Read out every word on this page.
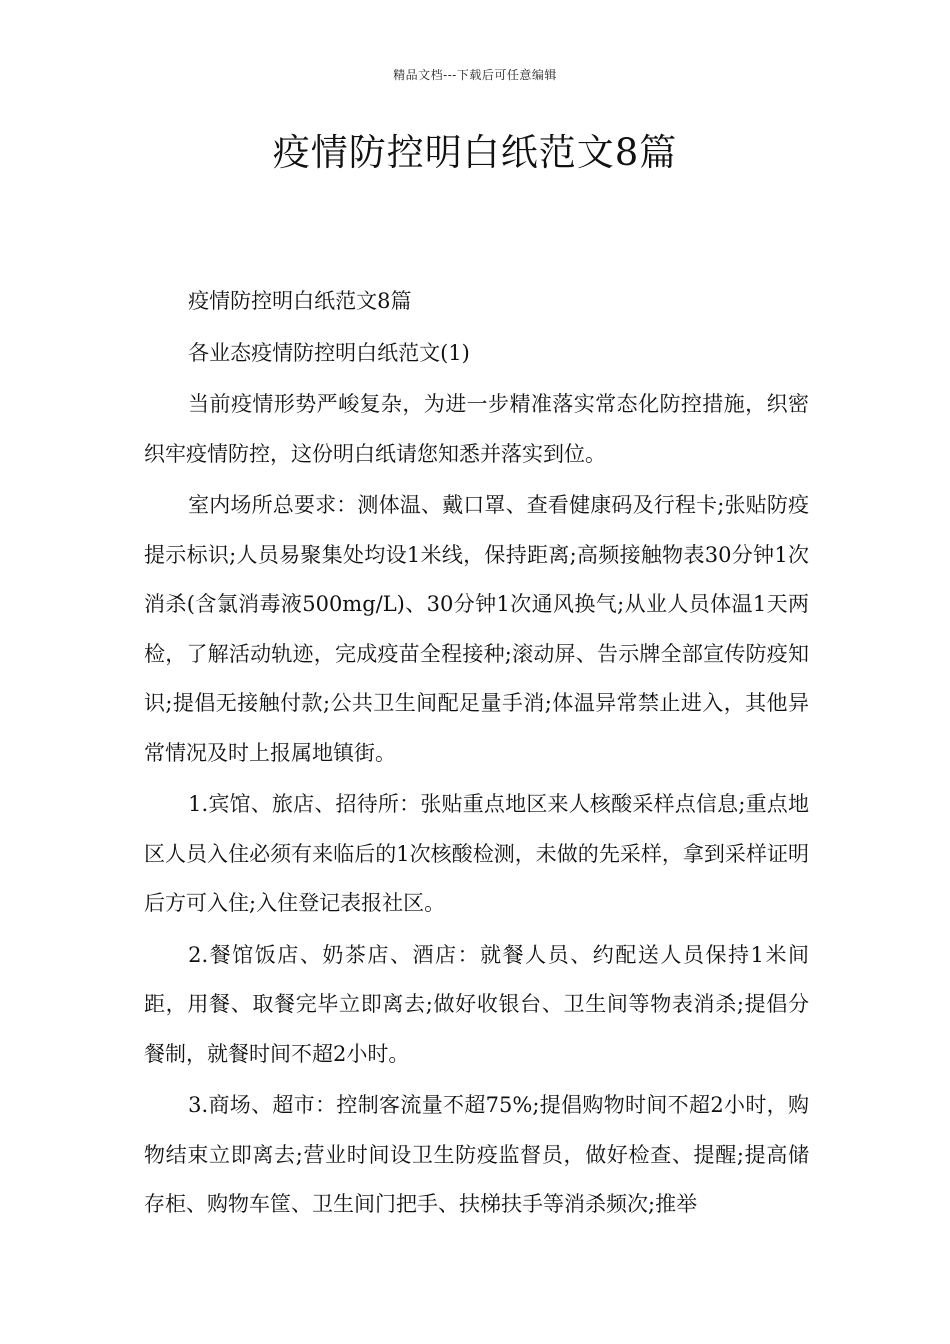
精品文档---下载后可任意编辑
疫情防控明白纸范文8篇

疫情防控明白纸范文8篇

各业态疫情防控明白纸范文(1)

当前疫情形势严峻复杂，为进一步精准落实常态化防控措施，织密织牢疫情防控，这份明白纸请您知悉并落实到位。

室内场所总要求：测体温、戴口罩、查看健康码及行程卡;张贴防疫提示标识;人员易聚集处均设1米线，保持距离;高频接触物表30分钟1次消杀(含氯消毒液500mg/L)、30分钟1次通风换气;从业人员体温1天两检，了解活动轨迹，完成疫苗全程接种;滚动屏、告示牌全部宣传防疫知识;提倡无接触付款;公共卫生间配足量手消;体温异常禁止进入，其他异常情况及时上报属地镇街。

1.宾馆、旅店、招待所：张贴重点地区来人核酸采样点信息;重点地区人员入住必须有来临后的1次核酸检测，未做的先采样，拿到采样证明后方可入住;入住登记表报社区。

2.餐馆饭店、奶茶店、酒店：就餐人员、约配送人员保持1米间距，用餐、取餐完毕立即离去;做好收银台、卫生间等物表消杀;提倡分餐制，就餐时间不超2小时。

3.商场、超市：控制客流量不超75%;提倡购物时间不超2小时，购物结束立即离去;营业时间设卫生防疫监督员，做好检查、提醒;提高储存柜、购物车筐、卫生间门把手、扶梯扶手等消杀频次;推举
